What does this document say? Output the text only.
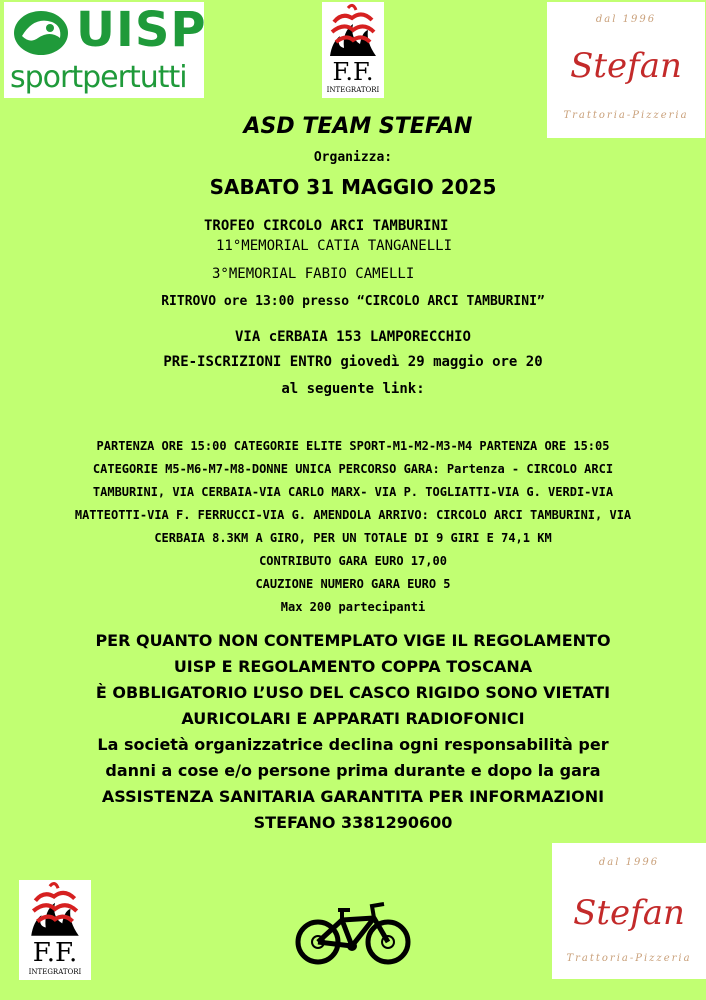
UISP
sportpertutti	F.F.
INTEGRATORI
dal 1996
Stefan
Trattoria-Pizzeria
ASD TEAM STEFAN
Organizza:
SABATO 31 MAGGIO 2025
TROFEO CIRCOLO ARCI TAMBURINI
11°MEMORIAL CATIA TANGANELLI
3°MEMORIAL FABIO CAMELLI
RITROVO ore 13:00 presso “CIRCOLO ARCI TAMBURINI”
VIA cERBAIA 153 LAMPORECCHIO
PRE-ISCRIZIONI ENTRO giovedì 29 maggio ore 20
al seguente link:
PARTENZA ORE 15:00 CATEGORIE ELITE SPORT-M1-M2-M3-M4 PARTENZA ORE 15:05
CATEGORIE M5-M6-M7-M8-DONNE UNICA PERCORSO GARA: Partenza - CIRCOLO ARCI
TAMBURINI, VIA CERBAIA-VIA CARLO MARX- VIA P. TOGLIATTI-VIA G. VERDI-VIA
MATTEOTTI-VIA F. FERRUCCI-VIA G. AMENDOLA ARRIVO: CIRCOLO ARCI TAMBURINI, VIA
CERBAIA 8.3KM A GIRO, PER UN TOTALE DI 9 GIRI E 74,1 KM
CONTRIBUTO GARA EURO 17,00
CAUZIONE NUMERO GARA EURO 5
Max 200 partecipanti
PER QUANTO NON CONTEMPLATO VIGE IL REGOLAMENTO
UISP E REGOLAMENTO COPPA TOSCANA
È OBBLIGATORIO L’USO DEL CASCO RIGIDO SONO VIETATI
AURICOLARI E APPARATI RADIOFONICI
La società organizzatrice declina ogni responsabilità per
danni a cose e/o persone prima durante e dopo la gara
ASSISTENZA SANITARIA GARANTITA PER INFORMAZIONI
STEFANO 3381290600
F.F.
INTEGRATORI
dal 1996
Stefan
Trattoria-Pizzeria
